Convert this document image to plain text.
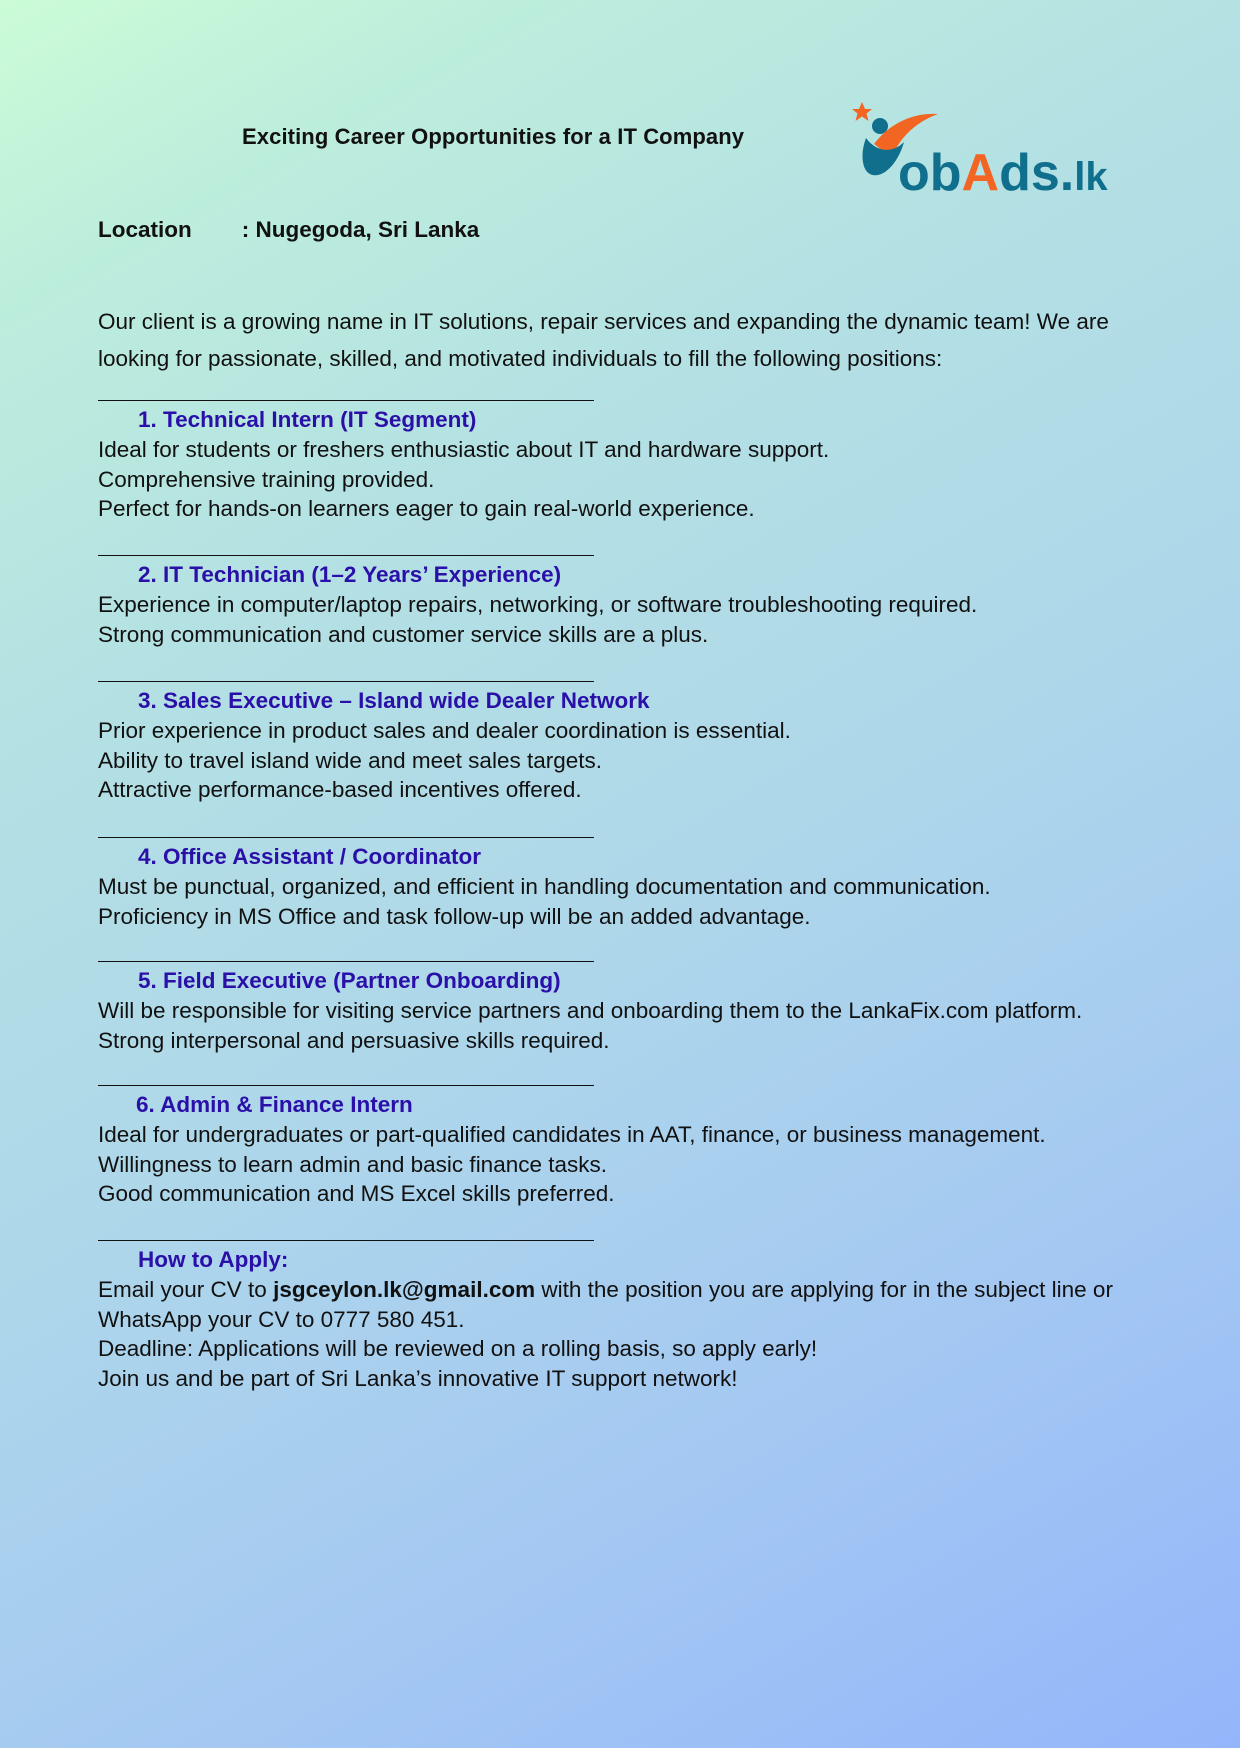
Exciting Career Opportunities for a IT Company
obAds.lk
Location : Nugegoda, Sri Lanka
Our client is a growing name in IT solutions, repair services and expanding the dynamic team! We are looking for passionate, skilled, and motivated individuals to fill the following positions:
1. Technical Intern (IT Segment)
Ideal for students or freshers enthusiastic about IT and hardware support.
Comprehensive training provided.
Perfect for hands-on learners eager to gain real-world experience.
2. IT Technician (1–2 Years’ Experience)
Experience in computer/laptop repairs, networking, or software troubleshooting required.
Strong communication and customer service skills are a plus.
3. Sales Executive – Island wide Dealer Network
Prior experience in product sales and dealer coordination is essential.
Ability to travel island wide and meet sales targets.
Attractive performance-based incentives offered.
4. Office Assistant / Coordinator
Must be punctual, organized, and efficient in handling documentation and communication.
Proficiency in MS Office and task follow-up will be an added advantage.
5. Field Executive (Partner Onboarding)
Will be responsible for visiting service partners and onboarding them to the LankaFix.com platform.
Strong interpersonal and persuasive skills required.
6. Admin & Finance Intern
Ideal for undergraduates or part-qualified candidates in AAT, finance, or business management.
Willingness to learn admin and basic finance tasks.
Good communication and MS Excel skills preferred.
How to Apply:
Email your CV to jsgceylon.lk@gmail.com with the position you are applying for in the subject line or
WhatsApp your CV to 0777 580 451.
Deadline: Applications will be reviewed on a rolling basis, so apply early!
Join us and be part of Sri Lanka’s innovative IT support network!
